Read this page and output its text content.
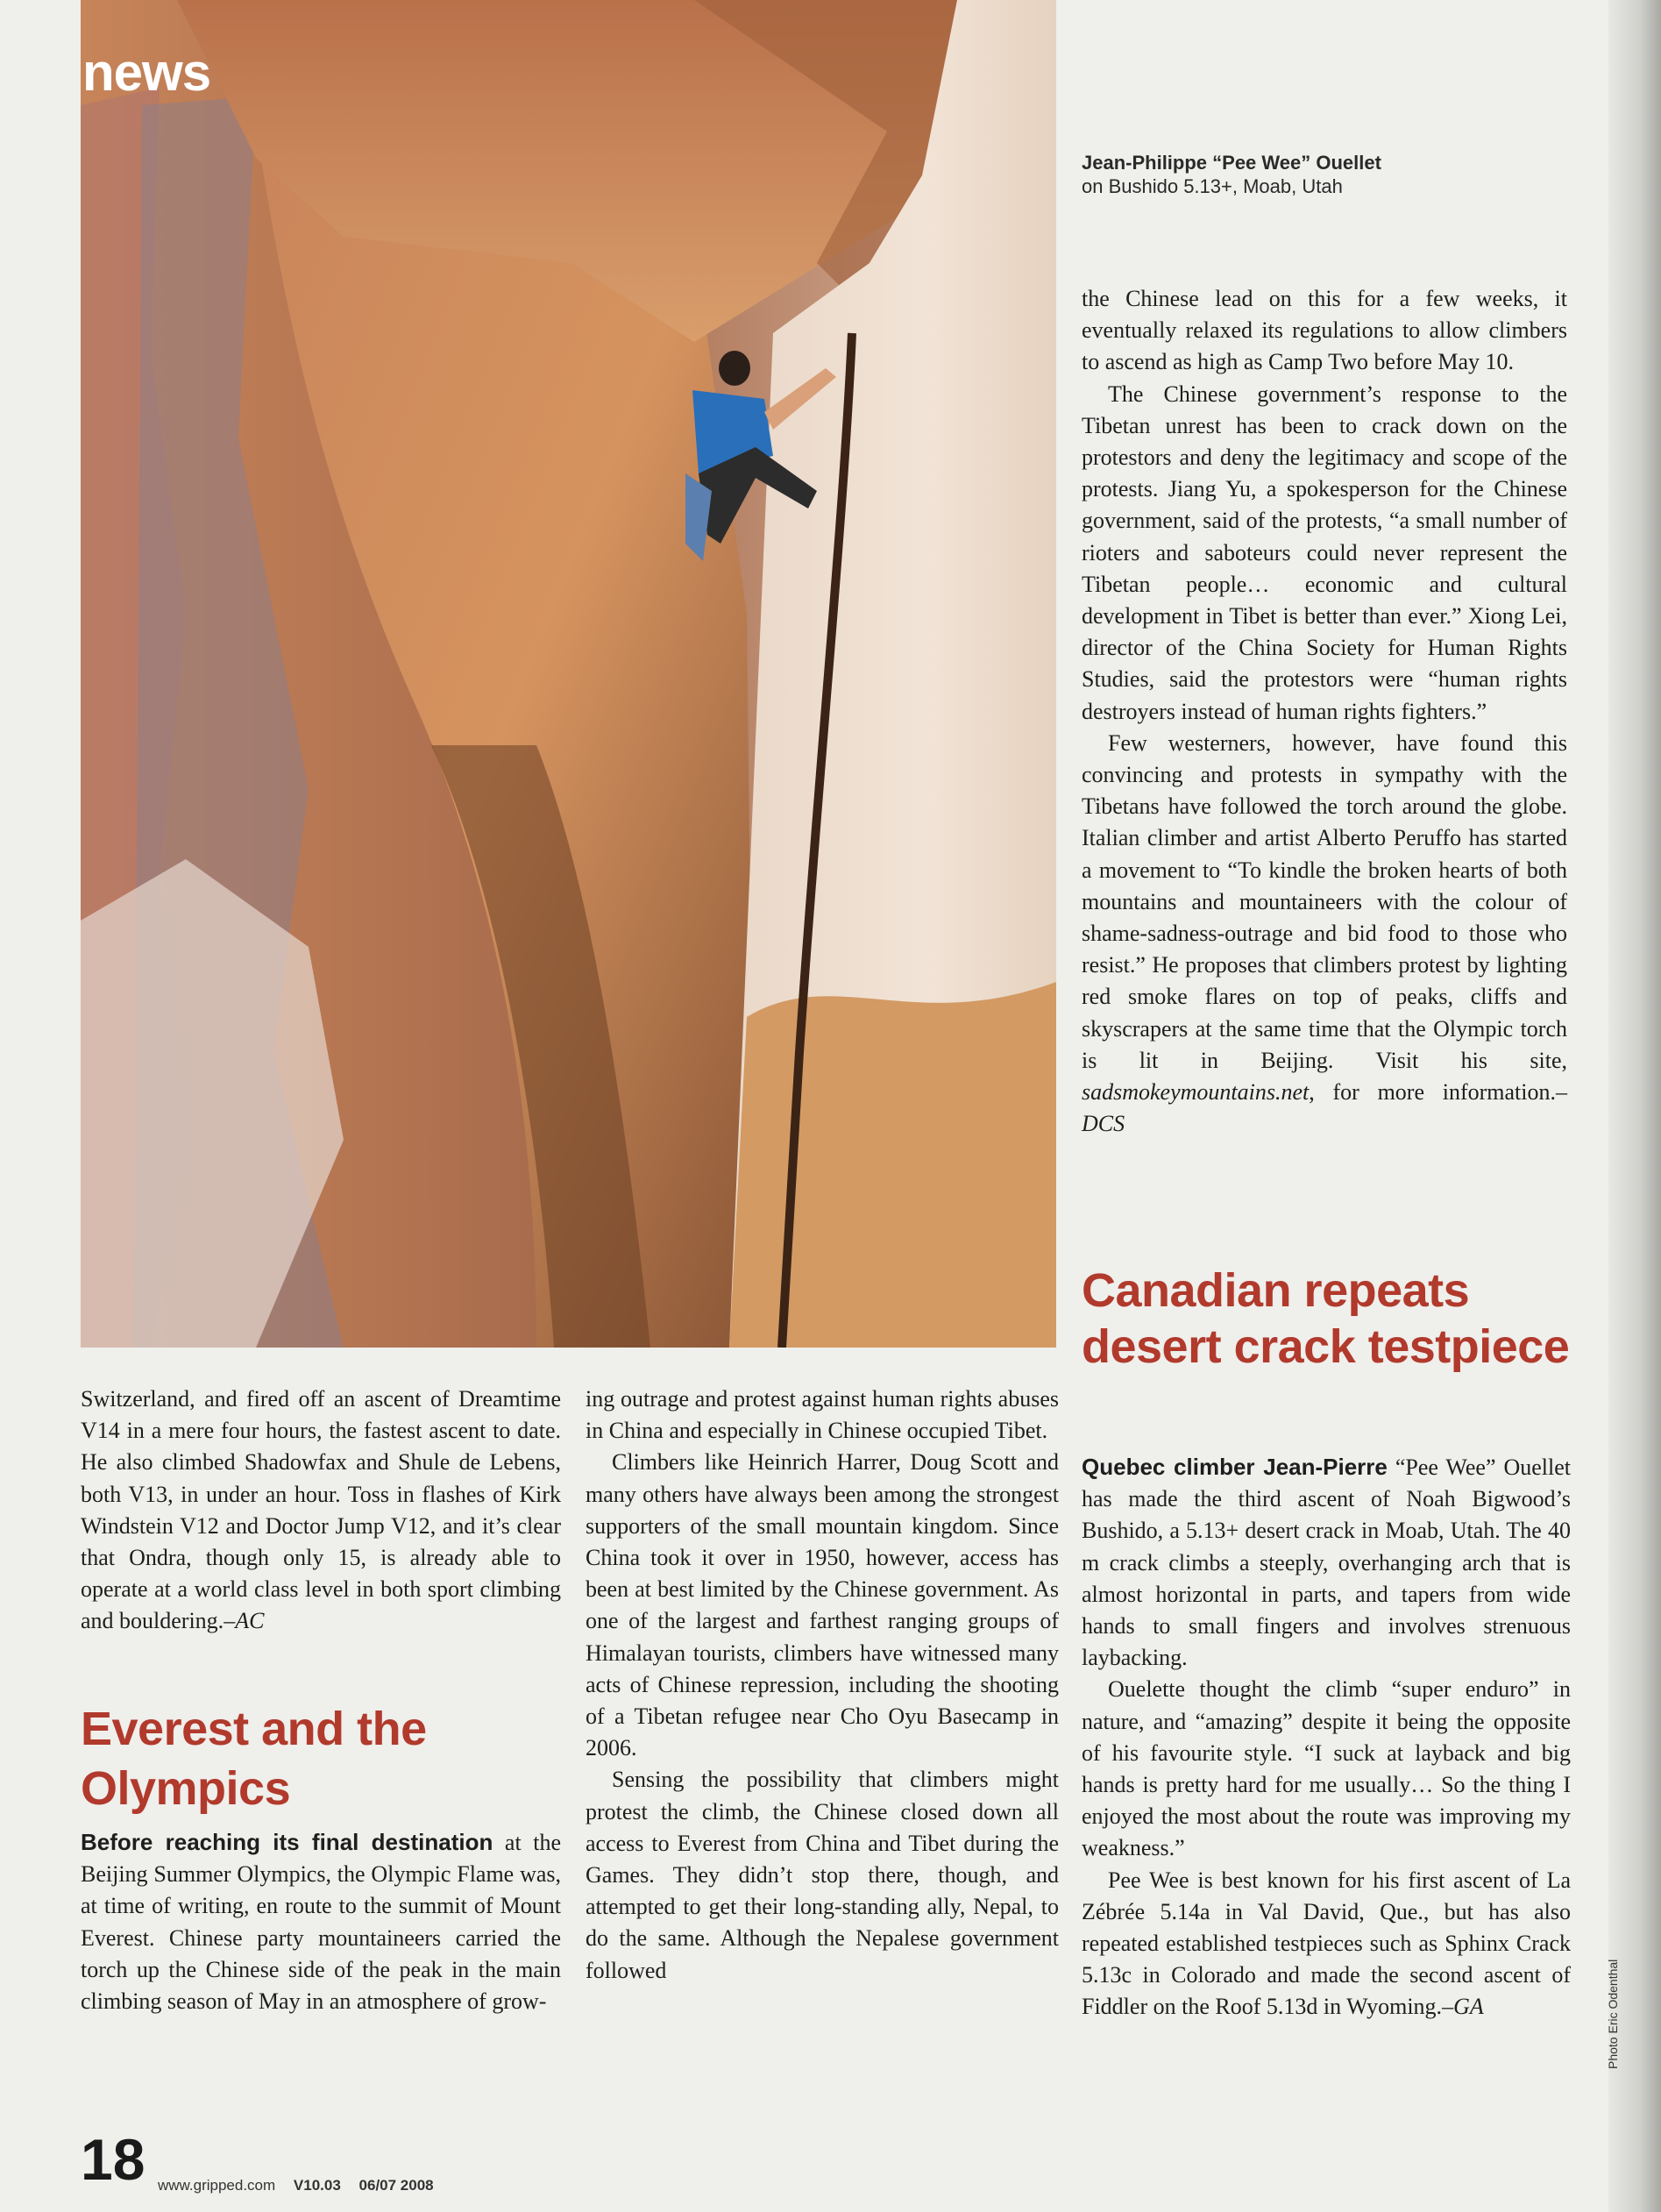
news
Jean-Philippe “Pee Wee” Ouellet on Bushido 5.13+, Moab, Utah

Switzerland, and fired off an ascent of Dreamtime V14 in a mere four hours, the fastest ascent to date. He also climbed Shadowfax and Shule de Lebens, both V13, in under an hour. Toss in flashes of Kirk Windstein V12 and Doctor Jump V12, and it’s clear that Ondra, though only 15, is already able to operate at a world class level in both sport climbing and bouldering.–AC

Everest and the Olympics

Before reaching its final destination at the Beijing Summer Olympics, the Olympic Flame was, at time of writing, en route to the summit of Mount Everest. Chinese party mountaineers carried the torch up the Chinese side of the peak in the main climbing season of May in an atmosphere of grow-

ing outrage and protest against human rights abuses in China and especially in Chinese occupied Tibet.

Climbers like Heinrich Harrer, Doug Scott and many others have always been among the strongest supporters of the small mountain kingdom. Since China took it over in 1950, however, access has been at best limited by the Chinese government. As one of the largest and farthest ranging groups of Himalayan tourists, climbers have witnessed many acts of Chinese repression, including the shooting of a Tibetan refugee near Cho Oyu Basecamp in 2006.

Sensing the possibility that climbers might protest the climb, the Chinese closed down all access to Everest from China and Tibet during the Games. They didn’t stop there, though, and attempted to get their long-standing ally, Nepal, to do the same. Although the Nepalese government followed

the Chinese lead on this for a few weeks, it eventually relaxed its regulations to allow climbers to ascend as high as Camp Two before May 10.

The Chinese government’s response to the Tibetan unrest has been to crack down on the protestors and deny the legitimacy and scope of the protests. Jiang Yu, a spokesperson for the Chinese government, said of the protests, “a small number of rioters and saboteurs could never represent the Tibetan people… economic and cultural development in Tibet is better than ever.” Xiong Lei, director of the China Society for Human Rights Studies, said the protestors were “human rights destroyers instead of human rights fighters.”

Few westerners, however, have found this convincing and protests in sympathy with the Tibetans have followed the torch around the globe. Italian climber and artist Alberto Peruffo has started a movement to “To kindle the broken hearts of both mountains and mountaineers with the colour of shame-sadness-outrage and bid food to those who resist.” He proposes that climbers protest by lighting red smoke flares on top of peaks, cliffs and skyscrapers at the same time that the Olympic torch is lit in Beijing. Visit his site, sadsmokeymountains.net, for more information.–DCS

Canadian repeats desert crack testpiece

Quebec climber Jean-Pierre “Pee Wee” Ouellet has made the third ascent of Noah Bigwood’s Bushido, a 5.13+ desert crack in Moab, Utah. The 40 m crack climbs a steeply, overhanging arch that is almost horizontal in parts, and tapers from wide hands to small fingers and involves strenuous laybacking.

Ouelette thought the climb “super enduro” in nature, and “amazing” despite it being the opposite of his favourite style. “I suck at layback and big hands is pretty hard for me usually… So the thing I enjoyed the most about the route was improving my weakness.”

Pee Wee is best known for his first ascent of La Zébrée 5.14a in Val David, Que., but has also repeated established testpieces such as Sphinx Crack 5.13c in Colorado and made the second ascent of Fiddler on the Roof 5.13d in Wyoming.–GA	Photo Eric Odenthal
18 www.gripped.com V10.03 06/07 2008
